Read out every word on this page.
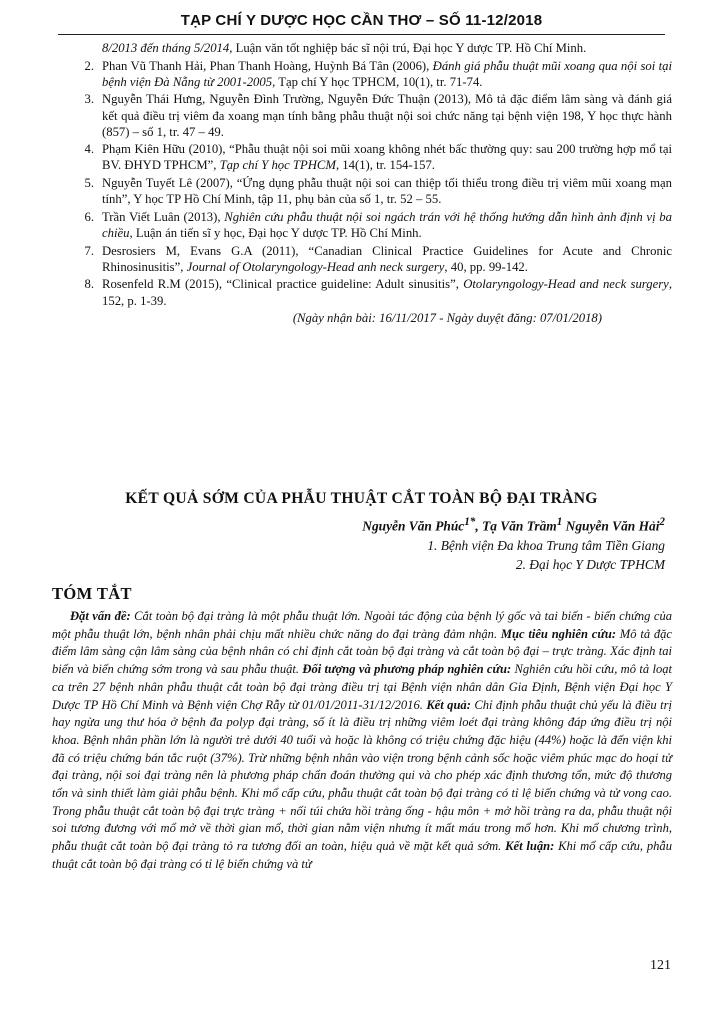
TẠP CHÍ Y DƯỢC HỌC CẦN THƠ – SỐ 11-12/2018
8/2013 đến tháng 5/2014, Luận văn tốt nghiệp bác sĩ nội trú, Đại học Y dược TP. Hồ Chí Minh.
2. Phan Vũ Thanh Hải, Phan Thanh Hoàng, Huỳnh Bá Tân (2006), Đánh giá phẫu thuật mũi xoang qua nội soi tại bệnh viện Đà Nẵng từ 2001-2005, Tạp chí Y học TPHCM, 10(1), tr. 71-74.
3. Nguyễn Thái Hưng, Nguyễn Đình Trường, Nguyễn Đức Thuận (2013), Mô tả đặc điểm lâm sàng và đánh giá kết quả điều trị viêm đa xoang mạn tính bằng phẫu thuật nội soi chức năng tại bệnh viện 198, Y học thực hành (857) – số 1, tr. 47 – 49.
4. Phạm Kiên Hữu (2010), “Phẫu thuật nội soi mũi xoang không nhét bấc thường quy: sau 200 trường hợp mổ tại BV. ĐHYD TPHCM”, Tạp chí Y học TPHCM, 14(1), tr. 154-157.
5. Nguyễn Tuyết Lê (2007), “Ứng dụng phẫu thuật nội soi can thiệp tối thiểu trong điều trị viêm mũi xoang mạn tính”, Y học TP Hồ Chí Minh, tập 11, phụ bản của số 1, tr. 52 – 55.
6. Trần Viết Luân (2013), Nghiên cứu phẫu thuật nội soi ngách trán với hệ thống hướng dẫn hình ảnh định vị ba chiều, Luận án tiến sĩ y học, Đại học Y dược TP. Hồ Chí Minh.
7. Desrosiers M, Evans G.A (2011), “Canadian Clinical Practice Guidelines for Acute and Chronic Rhinosinusitis”, Journal of Otolaryngology-Head anh neck surgery, 40, pp. 99-142.
8. Rosenfeld R.M (2015), “Clinical practice guideline: Adult sinusitis”, Otolaryngology-Head and neck surgery, 152, p. 1-39.
(Ngày nhận bài: 16/11/2017 - Ngày duyệt đăng: 07/01/2018)
KẾT QUẢ SỚM CỦA PHẪU THUẬT CẮT TOÀN BỘ ĐẠI TRÀNG
Nguyễn Văn Phúc$^{1*}$, Tạ Văn Trầm$^1$ Nguyễn Văn Hải$^2$
1. Bệnh viện Đa khoa Trung tâm Tiền Giang
2. Đại học Y Dược TPHCM
TÓM TẮT
Đặt vấn đề: Cắt toàn bộ đại tràng là một phẫu thuật lớn. Ngoài tác động của bệnh lý gốc và tai biến - biến chứng của một phẫu thuật lớn, bệnh nhân phải chịu mất nhiều chức năng do đại tràng đảm nhận. Mục tiêu nghiên cứu: Mô tả đặc điểm lâm sàng cận lâm sàng của bệnh nhân có chỉ định cắt toàn bộ đại tràng và cắt toàn bộ đại – trực tràng. Xác định tai biến và biến chứng sớm trong và sau phẫu thuật. Đối tượng và phương pháp nghiên cứu: Nghiên cứu hồi cứu, mô tả loạt ca trên 27 bệnh nhân phẫu thuật cắt toàn bộ đại tràng điều trị tại Bệnh viện nhân dân Gia Định, Bệnh viện Đại học Y Dược TP Hồ Chí Minh và Bệnh viện Chợ Rẫy từ 01/01/2011-31/12/2016. Kết quả: Chỉ định phẫu thuật chủ yếu là điều trị hay ngừa ung thư hóa ở bệnh đa polyp đại tràng, số ít là điều trị những viêm loét đại tràng không đáp ứng điều trị nội khoa. Bệnh nhân phần lớn là người trẻ dưới 40 tuổi và hoặc là không có triệu chứng đặc hiệu (44%) hoặc là đến viện khi đã có triệu chứng bán tắc ruột (37%). Trừ những bệnh nhân vào viện trong bệnh cảnh sốc hoặc viêm phúc mạc do hoại tử đại tràng, nội soi đại tràng nên là phương pháp chẩn đoán thường qui và cho phép xác định thương tổn, mức độ thương tổn và sinh thiết làm giải phẫu bệnh. Khi mổ cấp cứu, phẫu thuật cắt toàn bộ đại tràng có tỉ lệ biến chứng và tử vong cao. Trong phẫu thuật cắt toàn bộ đại trực tràng + nối túi chứa hồi tràng ống - hậu môn + mở hồi tràng ra da, phẫu thuật nội soi tương đương với mổ mở về thời gian mổ, thời gian nằm viện nhưng ít mất máu trong mổ hơn. Khi mổ chương trình, phẫu thuật cắt toàn bộ đại tràng tỏ ra tương đối an toàn, hiệu quả về mặt kết quả sớm. Kết luận: Khi mổ cấp cứu, phẫu thuật cắt toàn bộ đại tràng có tỉ lệ biến chứng và tử
121
